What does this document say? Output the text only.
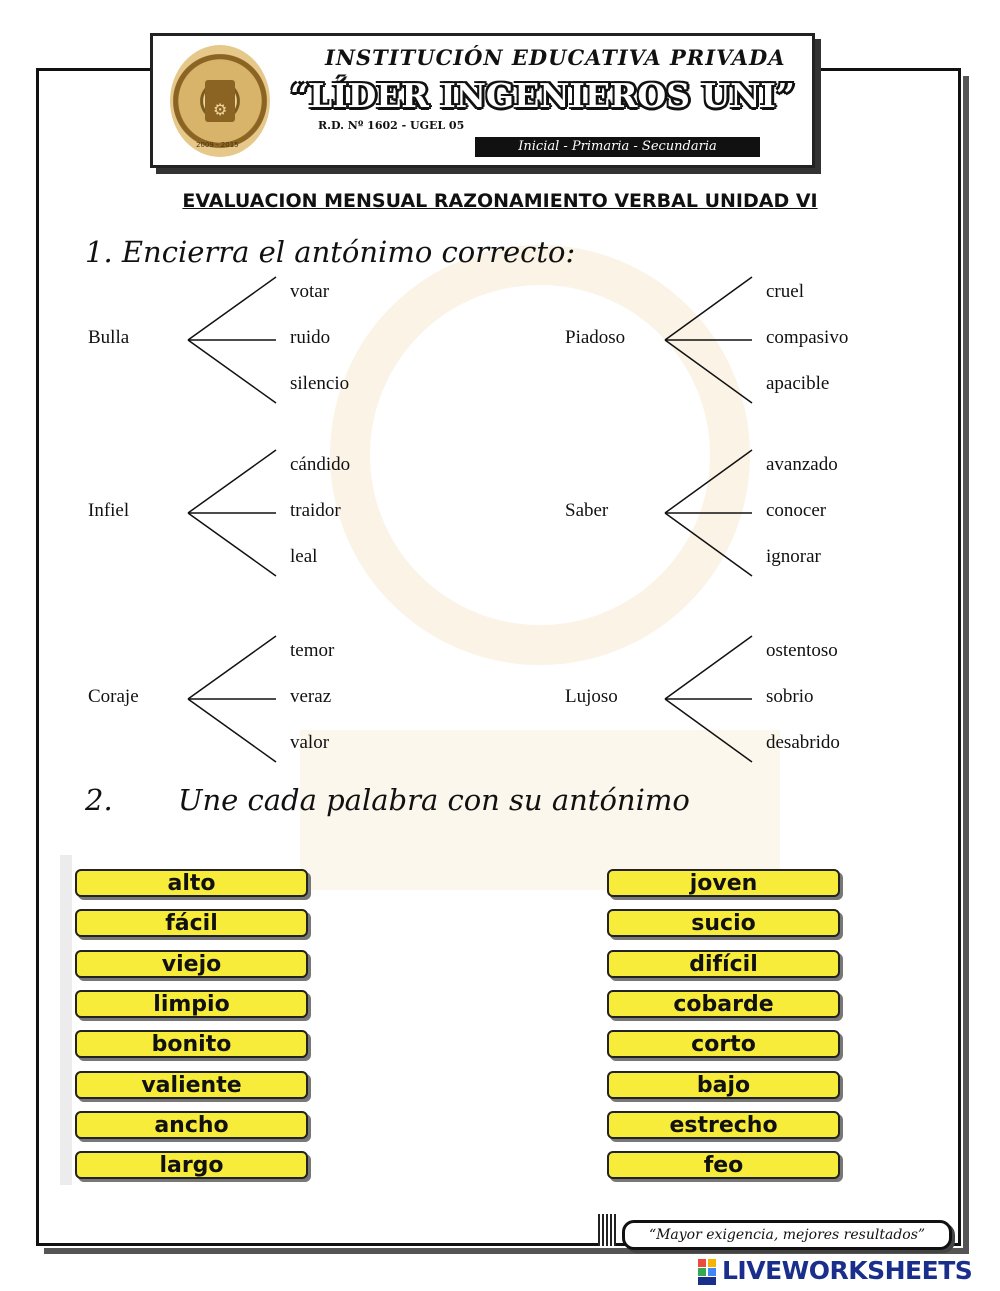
⚙
2009 - 2015
INSTITUCIÓN EDUCATIVA PRIVADA
“LÍDER INGENIEROS UNI”
R.D. Nº 1602 - UGEL 05
Inicial - Primaria - Secundaria
EVALUACION MENSUAL RAZONAMIENTO VERBAL UNIDAD VI
1. Encierra el antónimo correcto:
Bulla
votar
ruido
silencio
Piadoso
cruel
compasivo
apacible
Infiel
cándido
traidor
leal
Saber
avanzado
conocer
ignorar
Coraje
temor
veraz
valor
Lujoso
ostentoso
sobrio
desabrido
2. Une cada palabra con su antónimo
alto
fácil
viejo
limpio
bonito
valiente
ancho
largo
joven
sucio
difícil
cobarde
corto
bajo
estrecho
feo
“Mayor exigencia, mejores resultados”
LIVEWORKSHEETS
